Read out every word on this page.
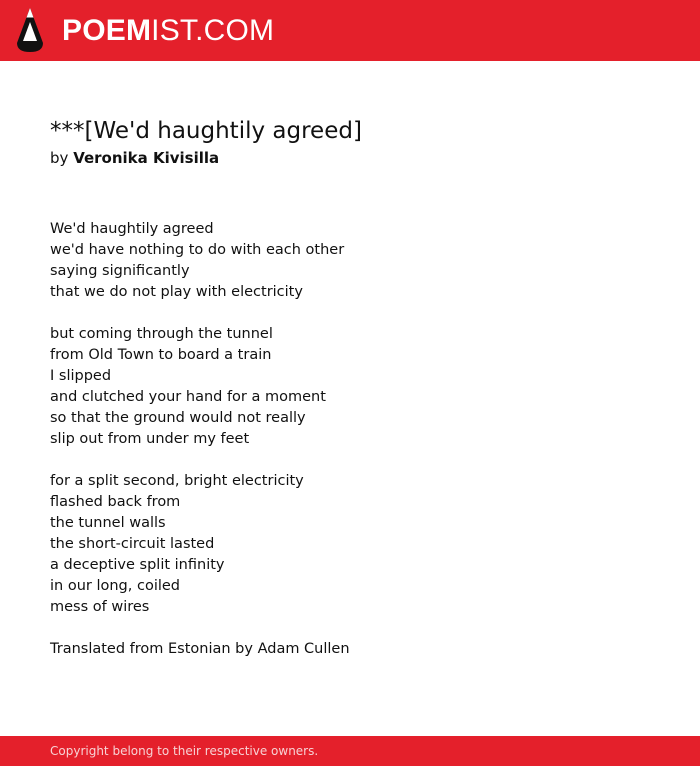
POEMIST.COM
***[We'd haughtily agreed]
by Veronika Kivisilla
We'd haughtily agreed
we'd have nothing to do with each other
saying significantly
that we do not play with electricity
but coming through the tunnel
from Old Town to board a train
I slipped
and clutched your hand for a moment
so that the ground would not really
slip out from under my feet
for a split second, bright electricity
flashed back from
the tunnel walls
the short-circuit lasted
a deceptive split infinity
in our long, coiled
mess of wires
Translated from Estonian by Adam Cullen
Copyright belong to their respective owners.
